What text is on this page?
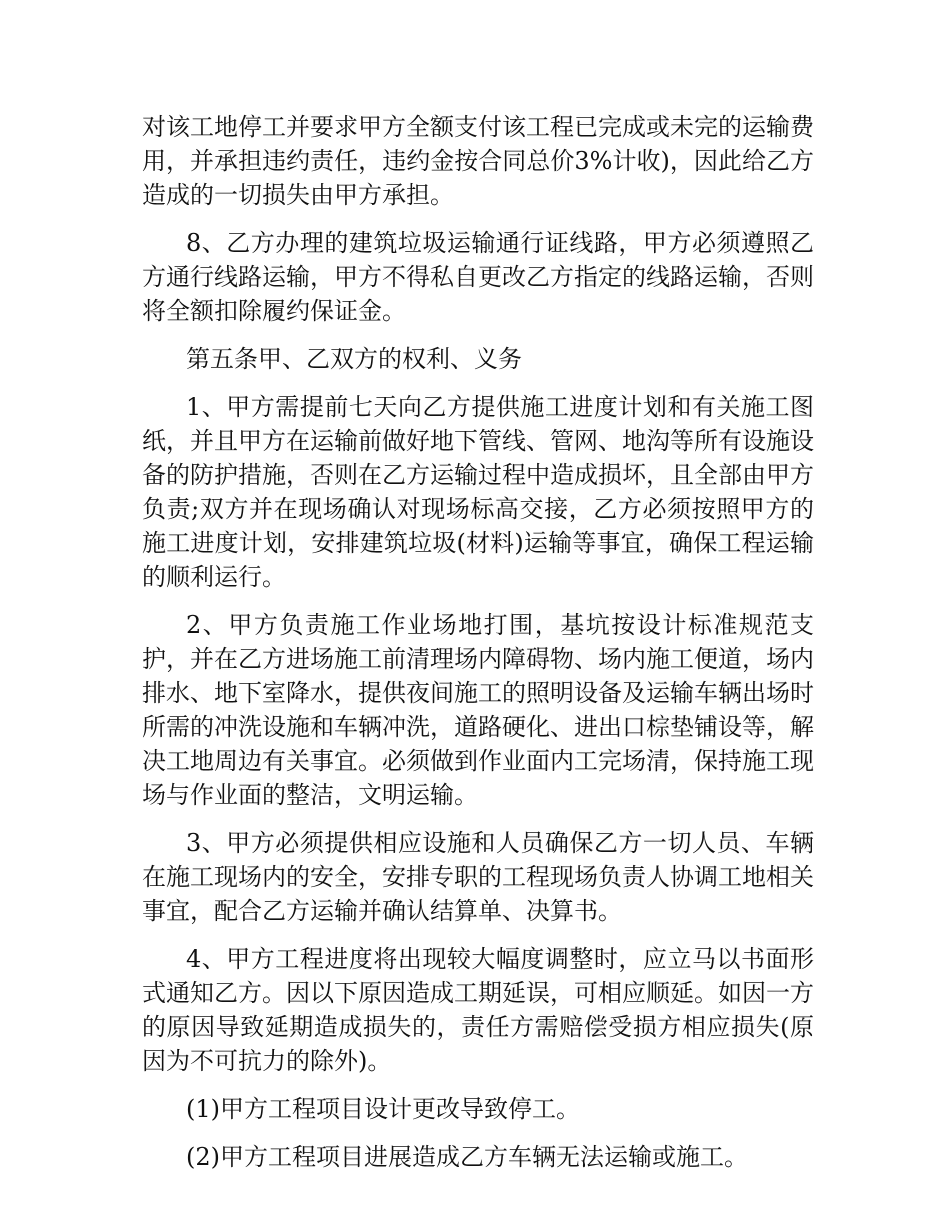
对该工地停工并要求甲方全额支付该工程已完成或未完的运输费用，并承担违约责任，违约金按合同总价3%计收)，因此给乙方造成的一切损失由甲方承担。

8、乙方办理的建筑垃圾运输通行证线路，甲方必须遵照乙方通行线路运输，甲方不得私自更改乙方指定的线路运输，否则将全额扣除履约保证金。

第五条甲、乙双方的权利、义务

1、甲方需提前七天向乙方提供施工进度计划和有关施工图纸，并且甲方在运输前做好地下管线、管网、地沟等所有设施设备的防护措施，否则在乙方运输过程中造成损坏，且全部由甲方负责;双方并在现场确认对现场标高交接，乙方必须按照甲方的施工进度计划，安排建筑垃圾(材料)运输等事宜，确保工程运输的顺利运行。

2、甲方负责施工作业场地打围，基坑按设计标准规范支护，并在乙方进场施工前清理场内障碍物、场内施工便道，场内排水、地下室降水，提供夜间施工的照明设备及运输车辆出场时所需的冲洗设施和车辆冲洗，道路硬化、进出口棕垫铺设等，解决工地周边有关事宜。必须做到作业面内工完场清，保持施工现场与作业面的整洁，文明运输。

3、甲方必须提供相应设施和人员确保乙方一切人员、车辆在施工现场内的安全，安排专职的工程现场负责人协调工地相关事宜，配合乙方运输并确认结算单、决算书。

4、甲方工程进度将出现较大幅度调整时，应立马以书面形式通知乙方。因以下原因造成工期延误，可相应顺延。如因一方的原因导致延期造成损失的，责任方需赔偿受损方相应损失(原因为不可抗力的除外)。

(1)甲方工程项目设计更改导致停工。

(2)甲方工程项目进展造成乙方车辆无法运输或施工。
